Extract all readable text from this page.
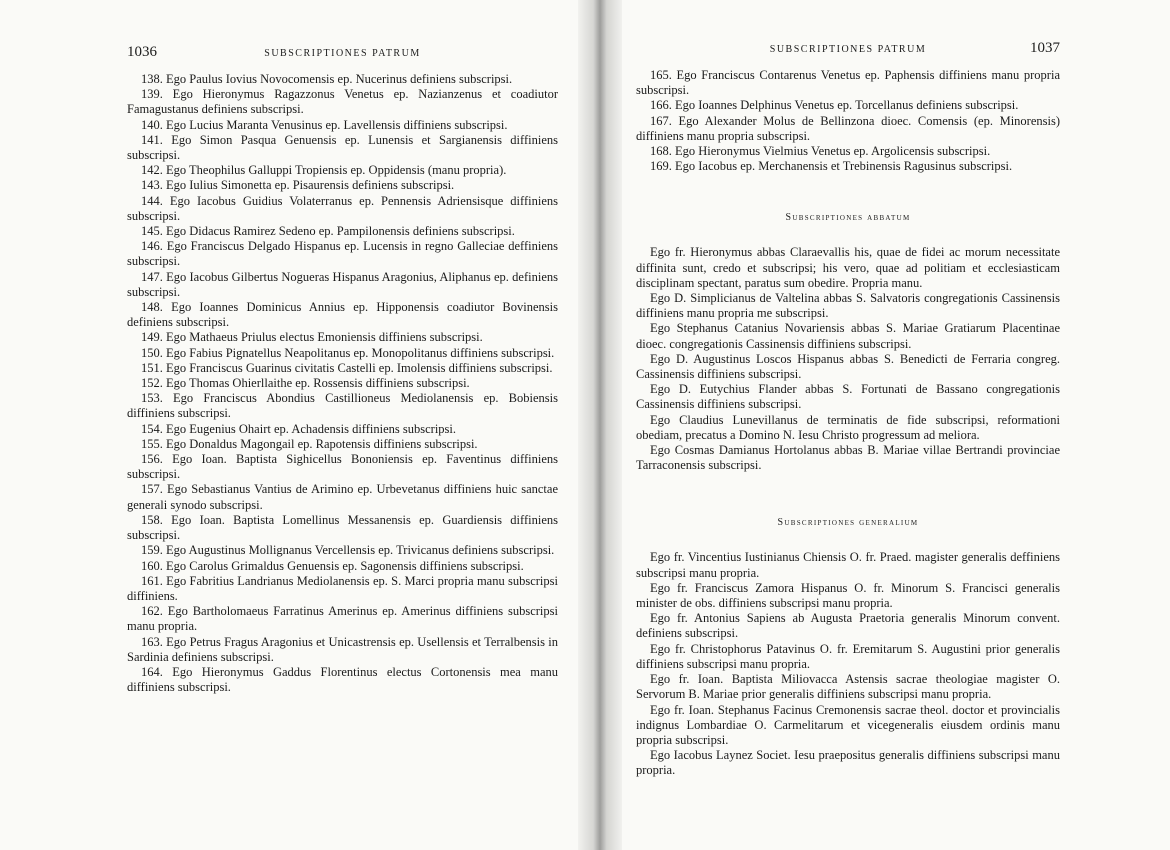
1036	SUBSCRIPTIONES PATRUM

138. Ego Paulus Iovius Novocomensis ep. Nucerinus definiens subscripsi.

139. Ego Hieronymus Ragazzonus Venetus ep. Nazianzenus et coadiutor Famagustanus definiens subscripsi.

140. Ego Lucius Maranta Venusinus ep. Lavellensis diffiniens subscripsi.

141. Ego Simon Pasqua Genuensis ep. Lunensis et Sargianensis diffiniens subscripsi.

142. Ego Theophilus Galluppi Tropiensis ep. Oppidensis (manu propria).

143. Ego Iulius Simonetta ep. Pisaurensis definiens subscripsi.

144. Ego Iacobus Guidius Volaterranus ep. Pennensis Adriensisque diffiniens subscripsi.

145. Ego Didacus Ramirez Sedeno ep. Pampilonensis definiens subscripsi.

146. Ego Franciscus Delgado Hispanus ep. Lucensis in regno Galleciae deffiniens subscripsi.

147. Ego Iacobus Gilbertus Nogueras Hispanus Aragonius, Aliphanus ep. definiens subscripsi.

148. Ego Ioannes Dominicus Annius ep. Hipponensis coadiutor Bovinensis definiens subscripsi.

149. Ego Mathaeus Priulus electus Emoniensis diffiniens subscripsi.

150. Ego Fabius Pignatellus Neapolitanus ep. Monopolitanus diffiniens subscripsi.

151. Ego Franciscus Guarinus civitatis Castelli ep. Imolensis diffiniens subscripsi.

152. Ego Thomas Ohierllaithe ep. Rossensis diffiniens subscripsi.

153. Ego Franciscus Abondius Castillioneus Mediolanensis ep. Bobiensis diffiniens subscripsi.

154. Ego Eugenius Ohairt ep. Achadensis diffiniens subscripsi.

155. Ego Donaldus Magongail ep. Rapotensis diffiniens subscripsi.

156. Ego Ioan. Baptista Sighicellus Bononiensis ep. Faventinus diffiniens subscripsi.

157. Ego Sebastianus Vantius de Arimino ep. Urbevetanus diffiniens huic sanctae generali synodo subscripsi.

158. Ego Ioan. Baptista Lomellinus Messanensis ep. Guardiensis diffiniens subscripsi.

159. Ego Augustinus Mollignanus Vercellensis ep. Trivicanus definiens subscripsi.

160. Ego Carolus Grimaldus Genuensis ep. Sagonensis diffiniens subscripsi.

161. Ego Fabritius Landrianus Mediolanensis ep. S. Marci propria manu subscripsi diffiniens.

162. Ego Bartholomaeus Farratinus Amerinus ep. Amerinus diffiniens subscripsi manu propria.

163. Ego Petrus Fragus Aragonius et Unicastrensis ep. Usellensis et Terralbensis in Sardinia definiens subscripsi.

164. Ego Hieronymus Gaddus Florentinus electus Cortonensis mea manu diffiniens subscripsi.

SUBSCRIPTIONES PATRUM	1037

165. Ego Franciscus Contarenus Venetus ep. Paphensis diffiniens manu propria subscripsi.

166. Ego Ioannes Delphinus Venetus ep. Torcellanus definiens subscripsi.

167. Ego Alexander Molus de Bellinzona dioec. Comensis (ep. Minorensis) diffiniens manu propria subscripsi.

168. Ego Hieronymus Vielmius Venetus ep. Argolicensis subscripsi.

169. Ego Iacobus ep. Merchanensis et Trebinensis Ragusinus subscripsi.

Subscriptiones abbatum

Ego fr. Hieronymus abbas Claraevallis his, quae de fidei ac morum necessitate diffinita sunt, credo et subscripsi; his vero, quae ad politiam et ecclesiasticam disciplinam spectant, paratus sum obedire. Propria manu.

Ego D. Simplicianus de Valtelina abbas S. Salvatoris congregationis Cassinensis diffiniens manu propria me subscripsi.

Ego Stephanus Catanius Novariensis abbas S. Mariae Gratiarum Placentinae dioec. congregationis Cassinensis diffiniens subscripsi.

Ego D. Augustinus Loscos Hispanus abbas S. Benedicti de Ferraria congreg. Cassinensis diffiniens subscripsi.

Ego D. Eutychius Flander abbas S. Fortunati de Bassano congregationis Cassinensis diffiniens subscripsi.

Ego Claudius Lunevillanus de terminatis de fide subscripsi, reformationi obediam, precatus a Domino N. Iesu Christo progressum ad meliora.

Ego Cosmas Damianus Hortolanus abbas B. Mariae villae Bertrandi provinciae Tarraconensis subscripsi.

Subscriptiones generalium

Ego fr. Vincentius Iustinianus Chiensis O. fr. Praed. magister generalis deffiniens subscripsi manu propria.

Ego fr. Franciscus Zamora Hispanus O. fr. Minorum S. Francisci generalis minister de obs. diffiniens subscripsi manu propria.

Ego fr. Antonius Sapiens ab Augusta Praetoria generalis Minorum convent. definiens subscripsi.

Ego fr. Christophorus Patavinus O. fr. Eremitarum S. Augustini prior generalis diffiniens subscripsi manu propria.

Ego fr. Ioan. Baptista Miliovacca Astensis sacrae theologiae magister O. Servorum B. Mariae prior generalis diffiniens subscripsi manu propria.

Ego fr. Ioan. Stephanus Facinus Cremonensis sacrae theol. doctor et provincialis indignus Lombardiae O. Carmelitarum et vicegeneralis eiusdem ordinis manu propria subscripsi.

Ego Iacobus Laynez Societ. Iesu praepositus generalis diffiniens subscripsi manu propria.
